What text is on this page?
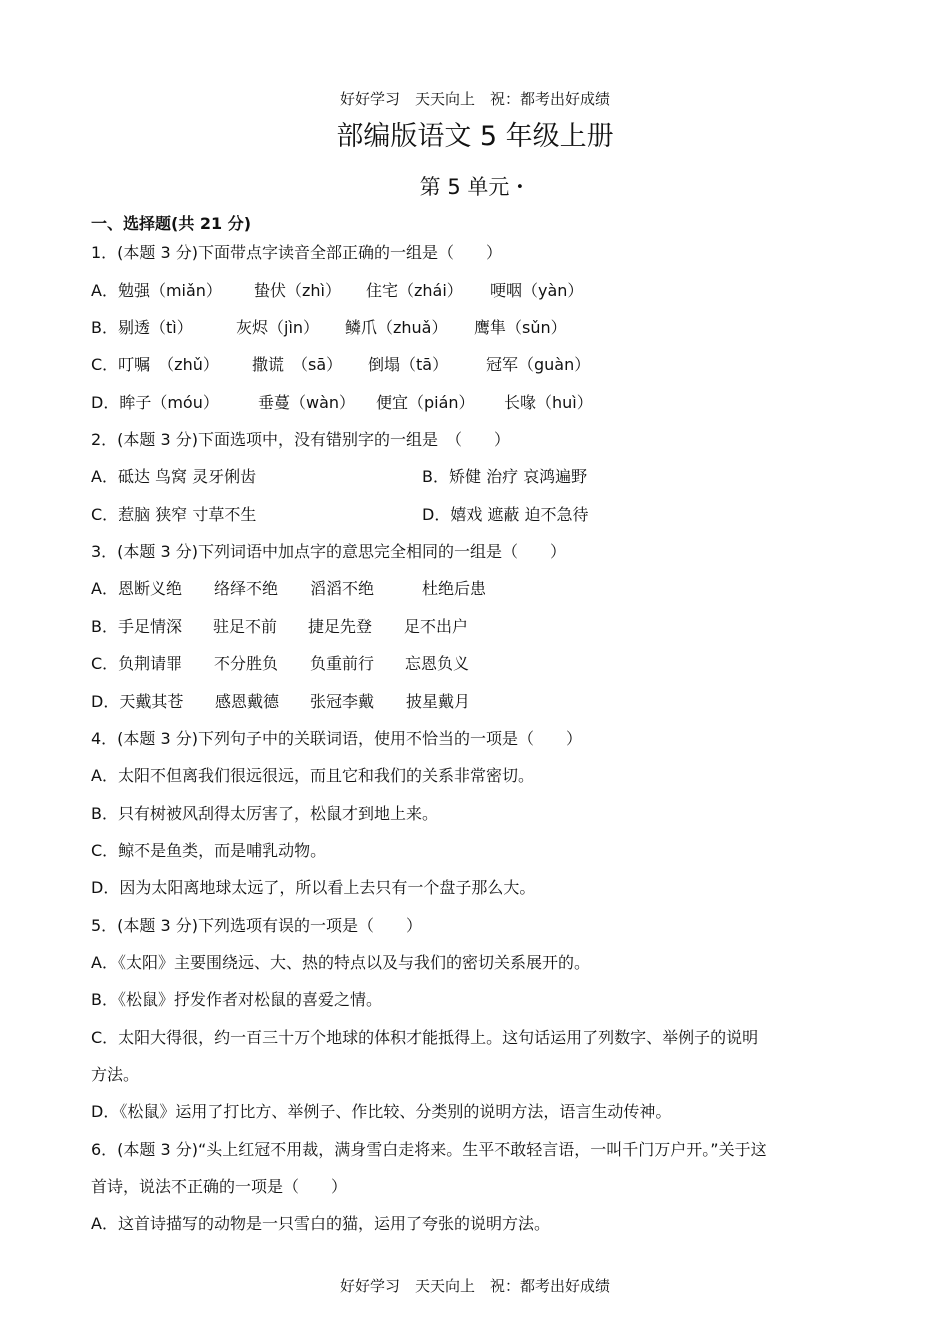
好好学习　天天向上　祝：都考出好成绩
部编版语文 5 年级上册
第 5 单元・
一、选择题(共 21 分)
1．(本题 3 分)下面带点字读音全部正确的一组是（　　）
A．勉强（miǎn） 蛰伏（zhì） 住宅（zhái） 哽咽（yàn）
B．剔透（tì）	灰烬（jìn） 鳞爪（zhuǎ） 鹰隼（sǔn）
C．叮嘱　（zhǔ） 撒谎　（sā） 倒塌（tā） 冠军（guàn）
D．眸子（móu） 垂蔓（wàn） 便宜（pián） 长喙（huì）
2．(本题 3 分)下面选项中，没有错别字的一组是　（　　）
A．砥达 鸟窝 灵牙俐齿	B．矫健 治疗 哀鸿遍野
C．惹脑 狭窄 寸草不生	D．嬉戏 遮蔽 迫不急待
3．(本题 3 分)下列词语中加点字的意思完全相同的一组是（　　）
A．恩断义绝 络绎不绝 滔滔不绝	杜绝后患
B．手足情深 驻足不前 捷足先登 足不出户
C．负荆请罪 不分胜负 负重前行 忘恩负义
D．天戴其苍 感恩戴德 张冠李戴 披星戴月
4．(本题 3 分)下列句子中的关联词语，使用不恰当的一项是（　　）
A．太阳不但离我们很远很远，而且它和我们的关系非常密切。
B．只有树被风刮得太厉害了，松鼠才到地上来。
C．鲸不是鱼类，而是哺乳动物。
D．因为太阳离地球太远了，所以看上去只有一个盘子那么大。
5．(本题 3 分)下列选项有误的一项是（　　）
A．《太阳》主要围绕远、大、热的特点以及与我们的密切关系展开的。
B．《松鼠》抒发作者对松鼠的喜爱之情。
C．太阳大得很，约一百三十万个地球的体积才能抵得上。这句话运用了列数字、举例子的说明
方法。
D．《松鼠》运用了打比方、举例子、作比较、分类别的说明方法，语言生动传神。
6．(本题 3 分)“头上红冠不用裁，满身雪白走将来。生平不敢轻言语，一叫千门万户开。”关于这
首诗，说法不正确的一项是（　　）
A．这首诗描写的动物是一只雪白的猫，运用了夸张的说明方法。
好好学习　天天向上　祝：都考出好成绩
